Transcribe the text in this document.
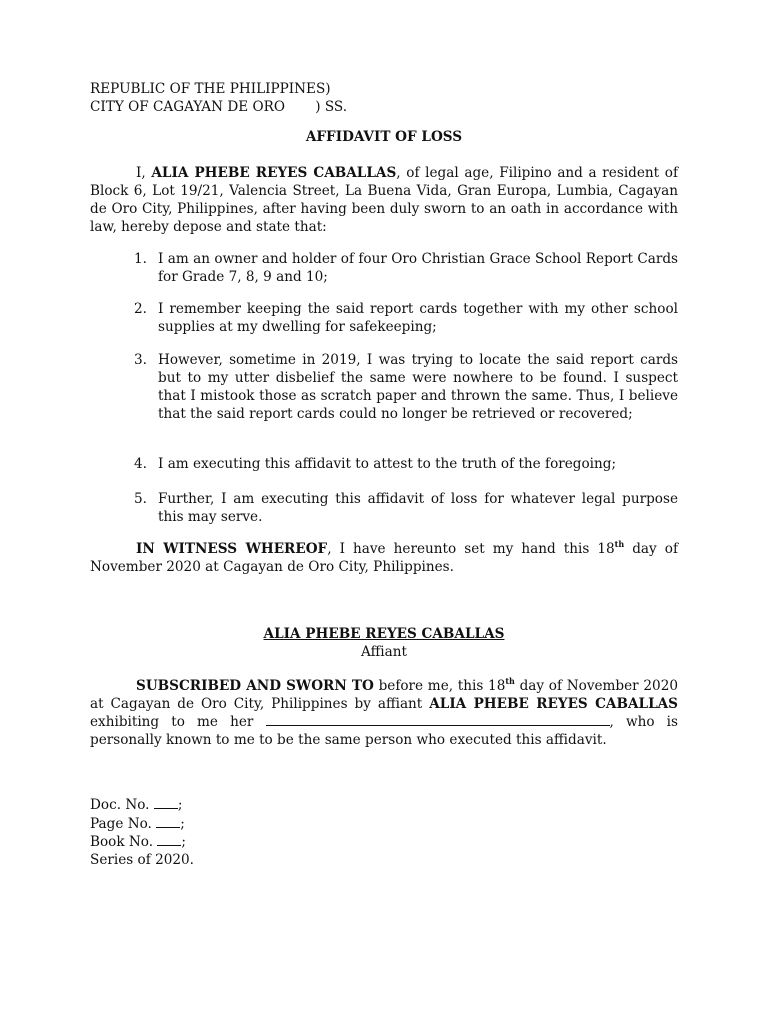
REPUBLIC OF THE PHILIPPINES)
CITY OF CAGAYAN DE ORO       ) SS.
AFFIDAVIT OF LOSS
I, ALIA PHEBE REYES CABALLAS, of legal age, Filipino and a resident of Block 6, Lot 19/21, Valencia Street, La Buena Vida, Gran Europa, Lumbia, Cagayan de Oro City, Philippines, after having been duly sworn to an oath in accordance with law, hereby depose and state that:
1. I am an owner and holder of four Oro Christian Grace School Report Cards for Grade 7, 8, 9 and 10;
2. I remember keeping the said report cards together with my other school supplies at my dwelling for safekeeping;
3. However, sometime in 2019, I was trying to locate the said report cards but to my utter disbelief the same were nowhere to be found. I suspect that I mistook those as scratch paper and thrown the same. Thus, I believe that the said report cards could no longer be retrieved or recovered;
4. I am executing this affidavit to attest to the truth of the foregoing;
5. Further, I am executing this affidavit of loss for whatever legal purpose this may serve.
IN WITNESS WHEREOF, I have hereunto set my hand this 18th day of November 2020 at Cagayan de Oro City, Philippines.
ALIA PHEBE REYES CABALLAS
Affiant
SUBSCRIBED AND SWORN TO before me, this 18th day of November 2020 at Cagayan de Oro City, Philippines by affiant ALIA PHEBE REYES CABALLAS exhibiting to me her	, who is personally known to me to be the same person who executed this affidavit.
Doc. No. ;
Page No. ;
Book No. ;
Series of 2020.
